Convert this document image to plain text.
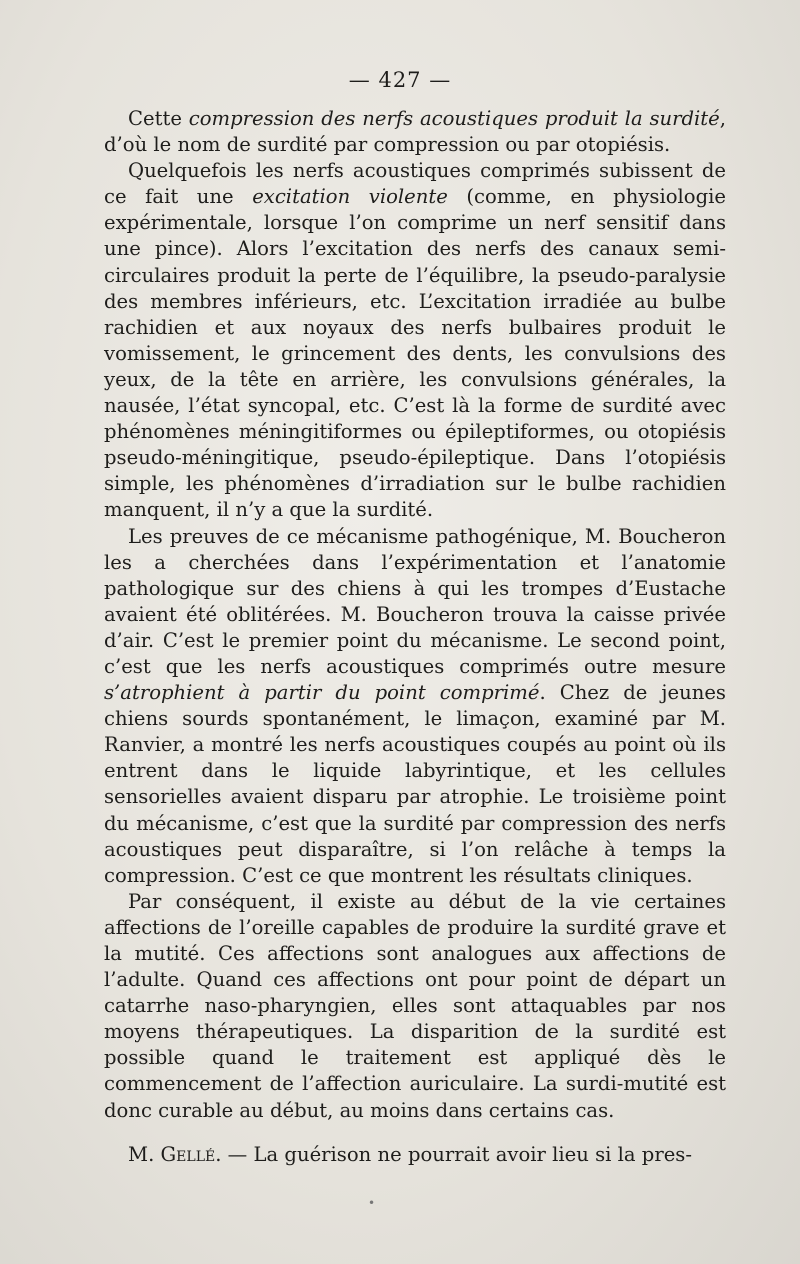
— 427 —

Cette compression des nerfs acoustiques produit la surdité, d’où le nom de surdité par compression ou par otopiésis.

Quelquefois les nerfs acoustiques comprimés subissent de ce fait une excitation violente (comme, en physiologie expérimentale, lorsque l’on comprime un nerf sensitif dans une pince). Alors l’excitation des nerfs des canaux semi-circulaires produit la perte de l’équilibre, la pseudo-paralysie des membres inférieurs, etc. L’excitation irradiée au bulbe rachidien et aux noyaux des nerfs bulbaires produit le vomissement, le grincement des dents, les convulsions des yeux, de la tête en arrière, les convulsions générales, la nausée, l’état syncopal, etc. C’est là la forme de surdité avec phénomènes méningitiformes ou épileptiformes, ou otopiésis pseudo-méningitique, pseudo-épileptique. Dans l’otopiésis simple, les phénomènes d’irradiation sur le bulbe rachidien manquent, il n’y a que la surdité.

Les preuves de ce mécanisme pathogénique, M. Boucheron les a cherchées dans l’expérimentation et l’anatomie pathologique sur des chiens à qui les trompes d’Eustache avaient été oblitérées. M. Boucheron trouva la caisse privée d’air. C’est le premier point du mécanisme. Le second point, c’est que les nerfs acoustiques comprimés outre mesure s’atrophient à partir du point comprimé. Chez de jeunes chiens sourds spontanément, le limaçon, examiné par M. Ranvier, a montré les nerfs acoustiques coupés au point où ils entrent dans le liquide labyrintique, et les cellules sensorielles avaient disparu par atrophie. Le troisième point du mécanisme, c’est que la surdité par compression des nerfs acoustiques peut disparaître, si l’on relâche à temps la compression. C’est ce que montrent les résultats cliniques.

Par conséquent, il existe au début de la vie certaines affections de l’oreille capables de produire la surdité grave et la mutité. Ces affections sont analogues aux affections de l’adulte. Quand ces affections ont pour point de départ un catarrhe naso-pharyngien, elles sont attaquables par nos moyens thérapeutiques. La disparition de la surdité est possible quand le traitement est appliqué dès le commencement de l’affection auriculaire. La surdi-mutité est donc curable au début, au moins dans certains cas.

M. Gellé. — La guérison ne pourrait avoir lieu si la pres-

•
